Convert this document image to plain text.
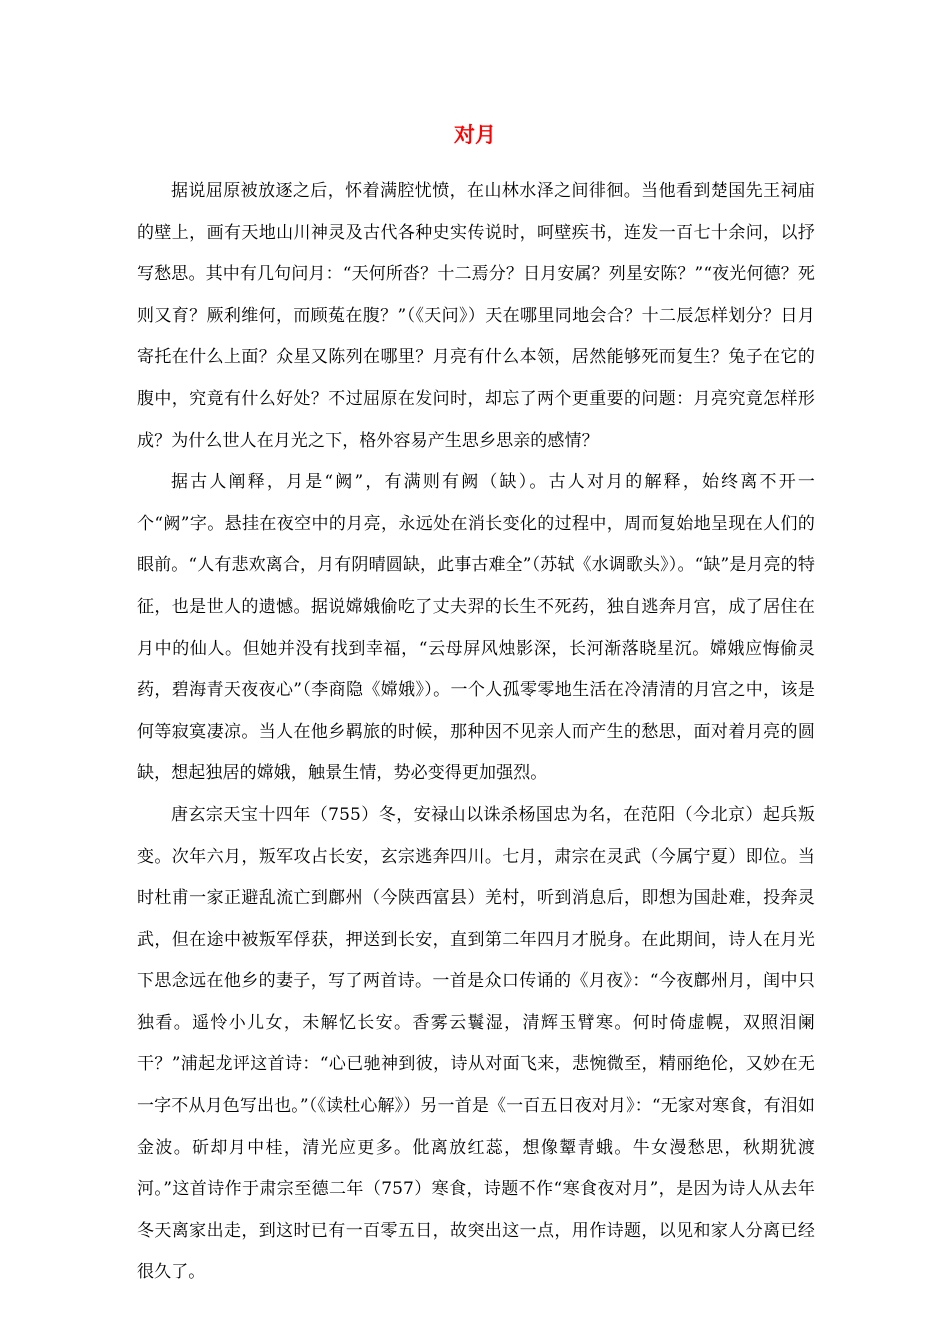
对月

据说屈原被放逐之后，怀着满腔忧愤，在山林水泽之间徘徊。当他看到楚国先王祠庙的壁上，画有天地山川神灵及古代各种史实传说时，呵壁疾书，连发一百七十余问，以抒写愁思。其中有几句问月：“天何所沓？十二焉分？日月安属？列星安陈？”“夜光何德？死则又育？厥利维何，而顾菟在腹？”（《天问》）天在哪里同地会合？十二辰怎样划分？日月寄托在什么上面？众星又陈列在哪里？月亮有什么本领，居然能够死而复生？兔子在它的腹中，究竟有什么好处？不过屈原在发问时，却忘了两个更重要的问题：月亮究竟怎样形成？为什么世人在月光之下，格外容易产生思乡思亲的感情？

据古人阐释，月是“阙”，有满则有阙（缺）。古人对月的解释，始终离不开一个“阙”字。悬挂在夜空中的月亮，永远处在消长变化的过程中，周而复始地呈现在人们的眼前。“人有悲欢离合，月有阴晴圆缺，此事古难全”（苏轼《水调歌头》）。“缺”是月亮的特征，也是世人的遗憾。据说嫦娥偷吃了丈夫羿的长生不死药，独自逃奔月宫，成了居住在月中的仙人。但她并没有找到幸福，“云母屏风烛影深，长河渐落晓星沉。嫦娥应悔偷灵药，碧海青天夜夜心”（李商隐《嫦娥》）。一个人孤零零地生活在冷清清的月宫之中，该是何等寂寞凄凉。当人在他乡羁旅的时候，那种因不见亲人而产生的愁思，面对着月亮的圆缺，想起独居的嫦娥，触景生情，势必变得更加强烈。

唐玄宗天宝十四年（755）冬，安禄山以诛杀杨国忠为名，在范阳（今北京）起兵叛变。次年六月，叛军攻占长安，玄宗逃奔四川。七月，肃宗在灵武（今属宁夏）即位。当时杜甫一家正避乱流亡到鄜州（今陕西富县）羌村，听到消息后，即想为国赴难，投奔灵武，但在途中被叛军俘获，押送到长安，直到第二年四月才脱身。在此期间，诗人在月光下思念远在他乡的妻子，写了两首诗。一首是众口传诵的《月夜》：“今夜鄜州月，闺中只独看。遥怜小儿女，未解忆长安。香雾云鬟湿，清辉玉臂寒。何时倚虚幌，双照泪阑干？”浦起龙评这首诗：“心已驰神到彼，诗从对面飞来，悲惋微至，精丽绝伦，又妙在无一字不从月色写出也。”（《读杜心解》）另一首是《一百五日夜对月》：“无家对寒食，有泪如金波。斫却月中桂，清光应更多。仳离放红蕊，想像颦青蛾。牛女漫愁思，秋期犹渡河。”这首诗作于肃宗至德二年（757）寒食，诗题不作“寒食夜对月”，是因为诗人从去年冬天离家出走，到这时已有一百零五日，故突出这一点，用作诗题，以见和家人分离已经很久了。
